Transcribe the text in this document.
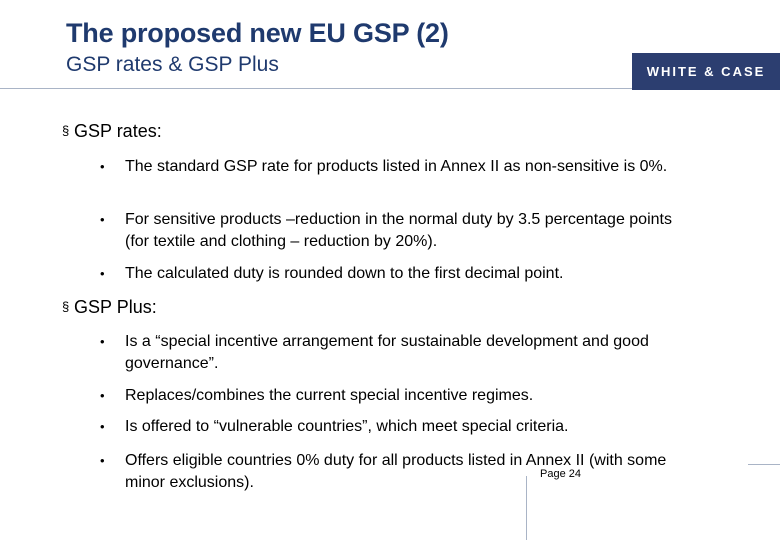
The proposed new EU GSP (2)
GSP rates & GSP Plus	WHITE & CASE
§ GSP rates:
• The standard GSP rate for products listed in Annex II as non-sensitive is 0%.
• For sensitive products –reduction in the normal duty by 3.5 percentage points (for textile and clothing – reduction by 20%).
• The calculated duty is rounded down to the first decimal point.
§ GSP Plus:
• Is a “special incentive arrangement for sustainable development and good governance”.
• Replaces/combines the current special incentive regimes.
• Is offered to “vulnerable countries”, which meet special criteria.
• Offers eligible countries 0% duty for all products listed in Annex II (with some minor exclusions).	Page 24
